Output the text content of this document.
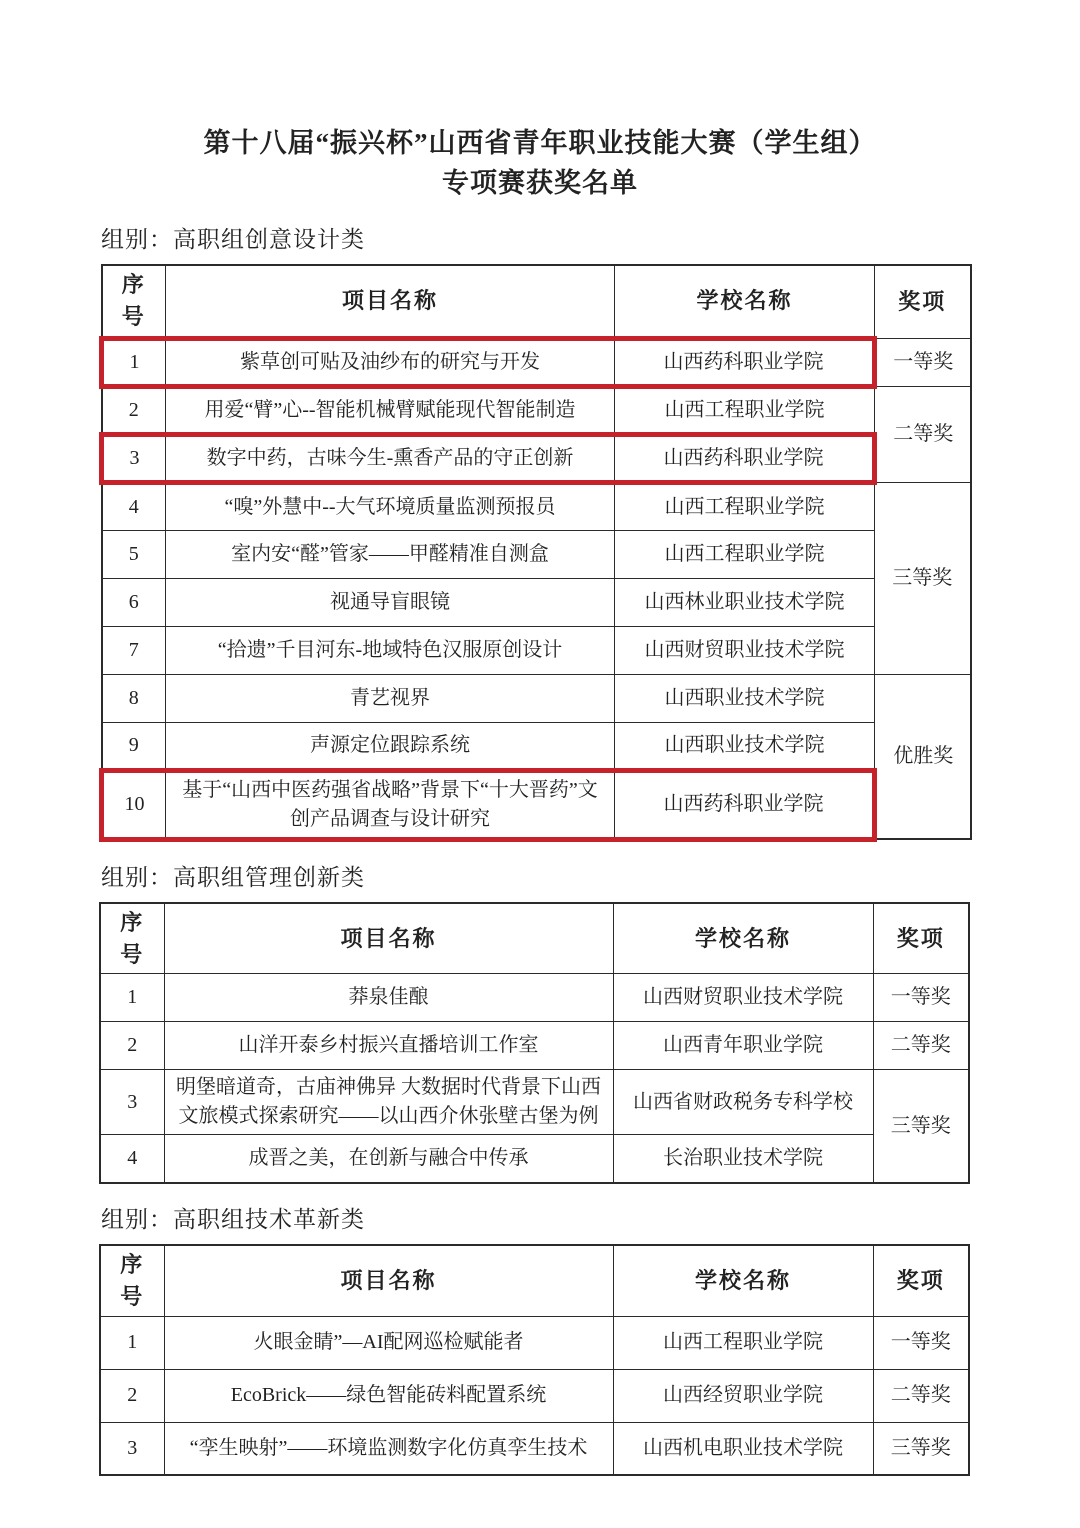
第十八届“振兴杯”山西省青年职业技能大赛（学生组）
专项赛获奖名单
组别：高职组创意设计类
序号	项目名称	学校名称	奖项
1	紫草创可贴及油纱布的研究与开发	山西药科职业学院	一等奖
2	用爱“臂”心--智能机械臂赋能现代智能制造	山西工程职业学院	二等奖
3	数字中药，古味今生-熏香产品的守正创新	山西药科职业学院	
4	“嗅”外慧中--大气环境质量监测预报员	山西工程职业学院	三等奖
5	室内安“醛”管家——甲醛精准自测盒	山西工程职业学院	
6	视通导盲眼镜	山西林业职业技术学院	
7	“拾遗”千目河东-地域特色汉服原创设计	山西财贸职业技术学院	
8	青艺视界	山西职业技术学院	优胜奖
9	声源定位跟踪系统	山西职业技术学院	
10	基于“山西中医药强省战略”背景下“十大晋药”文创产品调查与设计研究	山西药科职业学院	
组别：高职组管理创新类
序号	项目名称	学校名称	奖项
1	莽泉佳酿	山西财贸职业技术学院	一等奖
2	山洋开泰乡村振兴直播培训工作室	山西青年职业学院	二等奖
3	明堡暗道奇，古庙神佛异 大数据时代背景下山西文旅模式探索研究——以山西介休张壁古堡为例	山西省财政税务专科学校	三等奖
4	成晋之美，在创新与融合中传承	长治职业技术学院	
组别：高职组技术革新类
序号	项目名称	学校名称	奖项
1	火眼金睛”—AI配网巡检赋能者	山西工程职业学院	一等奖
2	EcoBrick——绿色智能砖料配置系统	山西经贸职业学院	二等奖
3	“孪生映射”——环境监测数字化仿真孪生技术	山西机电职业技术学院	三等奖
